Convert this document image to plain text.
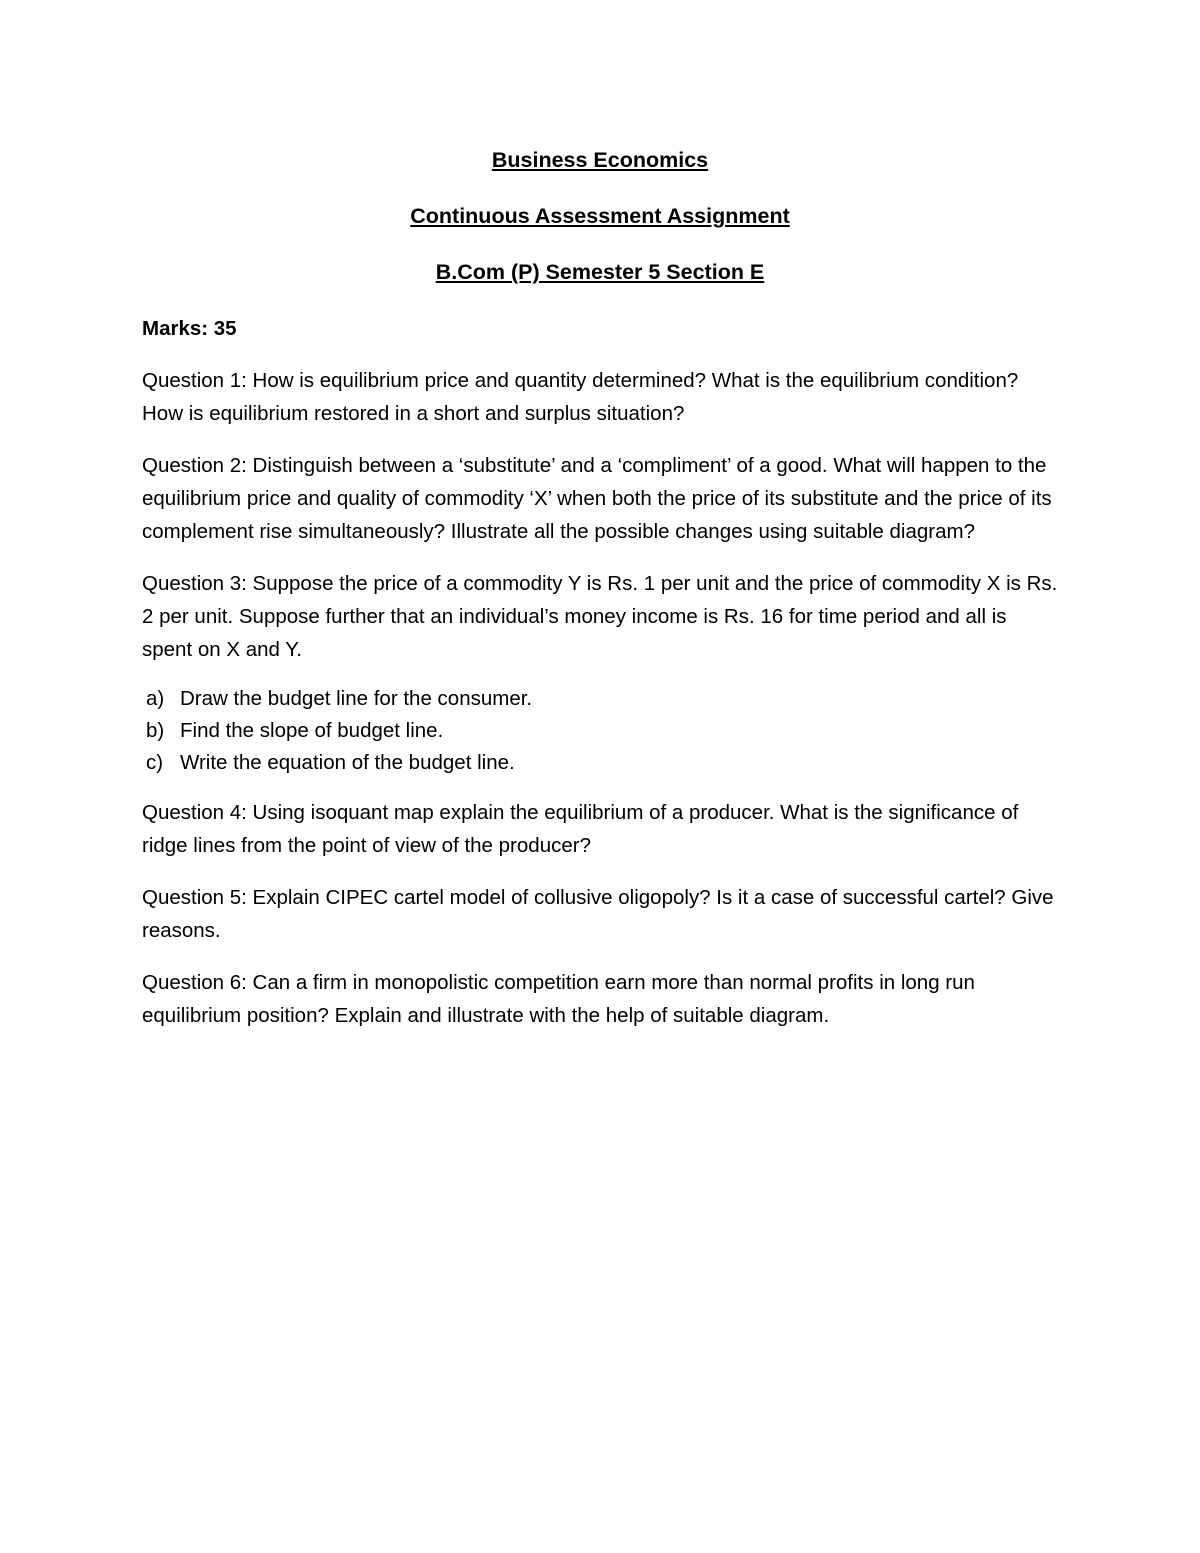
Business Economics
Continuous Assessment Assignment
B.Com (P) Semester 5 Section E
Marks: 35
Question 1: How is equilibrium price and quantity determined? What is the equilibrium condition? How is equilibrium restored in a short and surplus situation?
Question 2: Distinguish between a ‘substitute’ and a ‘compliment’ of a good. What will happen to the equilibrium price and quality of commodity ‘X’ when both the price of its substitute and the price of its complement rise simultaneously? Illustrate all the possible changes using suitable diagram?
Question 3: Suppose the price of a commodity Y is Rs. 1 per unit and the price of commodity X is Rs. 2 per unit. Suppose further that an individual’s money income is Rs. 16 for time period and all is spent on X and Y.
a) Draw the budget line for the consumer.
b) Find the slope of budget line.
c) Write the equation of the budget line.
Question 4: Using isoquant map explain the equilibrium of a producer. What is the significance of ridge lines from the point of view of the producer?
Question 5: Explain CIPEC cartel model of collusive oligopoly? Is it a case of successful cartel? Give reasons.
Question 6: Can a firm in monopolistic competition earn more than normal profits in long run equilibrium position? Explain and illustrate with the help of suitable diagram.
